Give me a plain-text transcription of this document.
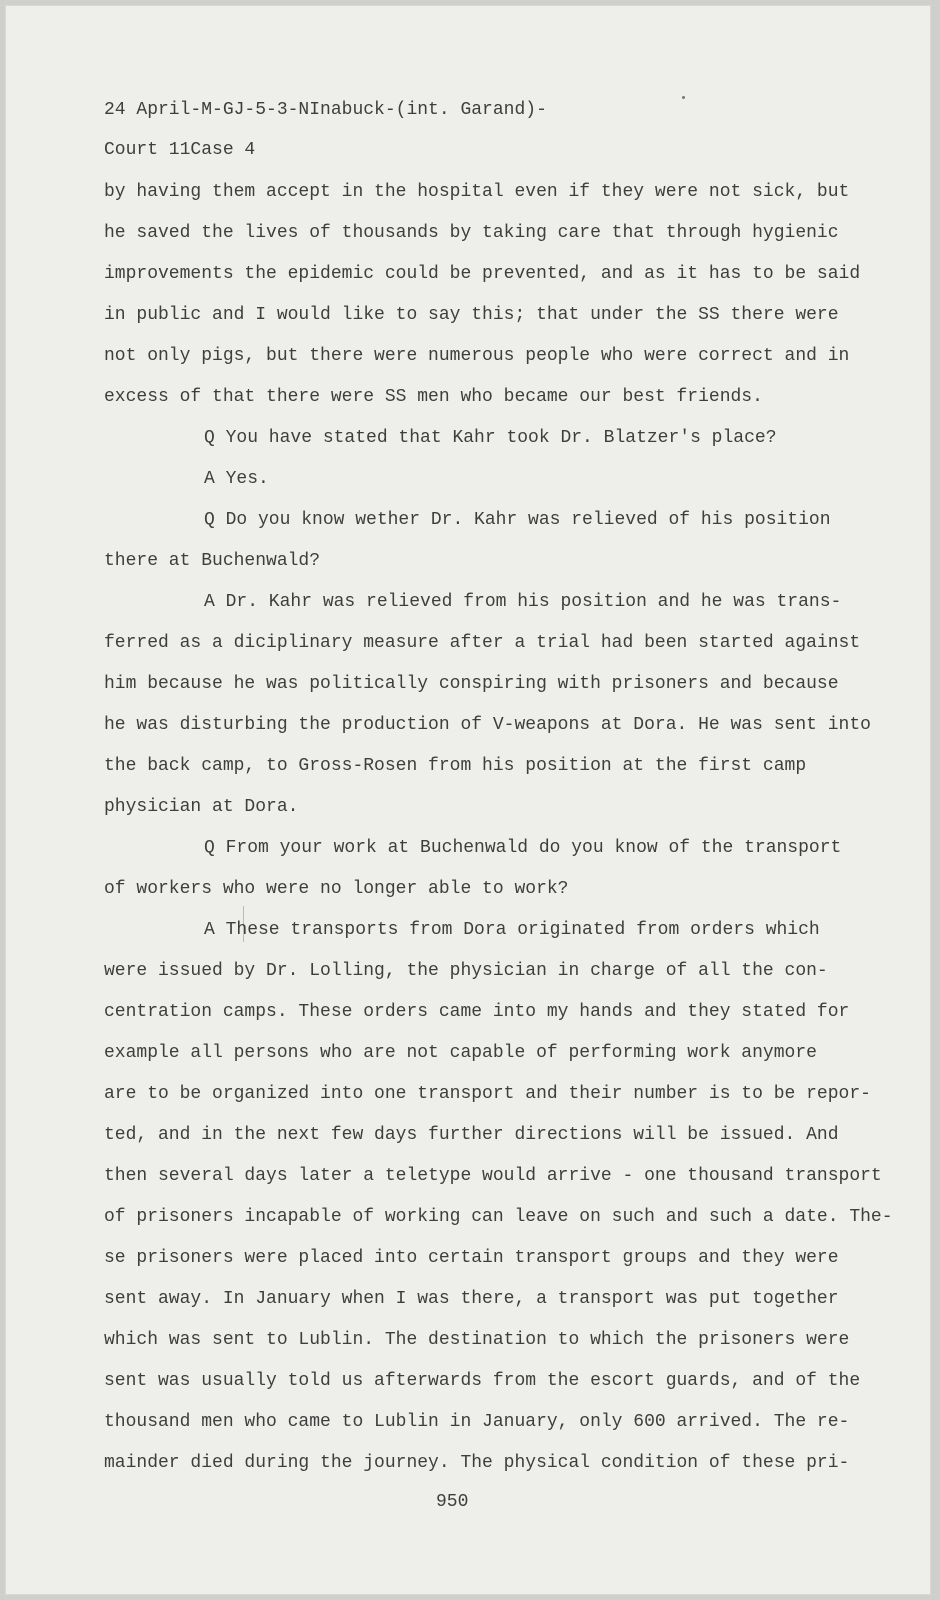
24 April-M-GJ-5-3-NInabuck-(int. Garand)-

Court 11Case 4

by having them accept in the hospital even if they were not sick, but

he saved the lives of thousands by taking care that through hygienic

improvements the epidemic could be prevented, and as it has to be said

in public and I would like to say this; that under the SS there were

not only pigs, but there were numerous people who were correct and in

excess of that there were SS men who became our best friends.

Q You have stated that Kahr took Dr. Blatzer's place?

A Yes.

Q Do you know wether Dr. Kahr was relieved of his position

there at Buchenwald?

A Dr. Kahr was relieved from his position and he was trans-

ferred as a diciplinary measure after a trial had been started against

him because he was politically conspiring with prisoners and because

he was disturbing the production of V-weapons at Dora. He was sent into

the back camp, to Gross-Rosen from his position at the first camp

physician at Dora.

Q From your work at Buchenwald do you know of the transport

of workers who were no longer able to work?

A These transports from Dora originated from orders which

were issued by Dr. Lolling, the physician in charge of all the con-

centration camps. These orders came into my hands and they stated for

example all persons who are not capable of performing work anymore

are to be organized into one transport and their number is to be repor-

ted, and in the next few days further directions will be issued. And

then several days later a teletype would arrive - one thousand transport

of prisoners incapable of working can leave on such and such a date. The-

se prisoners were placed into certain transport groups and they were

sent away. In January when I was there, a transport was put together

which was sent to Lublin. The destination to which the prisoners were

sent was usually told us afterwards from the escort guards, and of the

thousand men who came to Lublin in January, only 600 arrived. The re-

mainder died during the journey. The physical condition of these pri-

950
